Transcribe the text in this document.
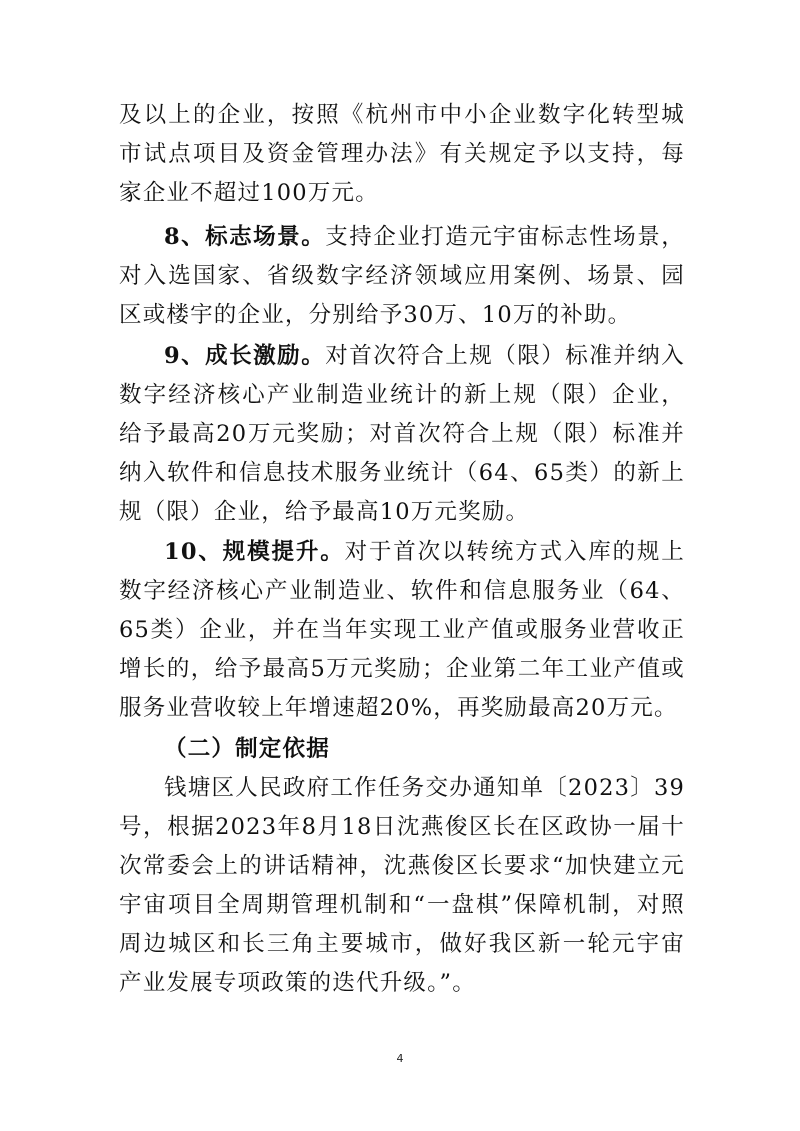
及以上的企业，按照《杭州市中小企业数字化转型城市试点项目及资金管理办法》有关规定予以支持，每家企业不超过100万元。

8、标志场景。支持企业打造元宇宙标志性场景，对入选国家、省级数字经济领域应用案例、场景、园区或楼宇的企业，分别给予30万、10万的补助。

9、成长激励。对首次符合上规（限）标准并纳入数字经济核心产业制造业统计的新上规（限）企业，给予最高20万元奖励；对首次符合上规（限）标准并纳入软件和信息技术服务业统计（64、65类）的新上规（限）企业，给予最高10万元奖励。

10、规模提升。对于首次以转统方式入库的规上数字经济核心产业制造业、软件和信息服务业（64、65类）企业，并在当年实现工业产值或服务业营收正增长的，给予最高5万元奖励；企业第二年工业产值或服务业营收较上年增速超20%，再奖励最高20万元。

（二）制定依据

钱塘区人民政府工作任务交办通知单〔2023〕39号，根据2023年8月18日沈燕俊区长在区政协一届十次常委会上的讲话精神，沈燕俊区长要求“加快建立元宇宙项目全周期管理机制和“一盘棋”保障机制，对照周边城区和长三角主要城市，做好我区新一轮元宇宙产业发展专项政策的迭代升级。”。

4
